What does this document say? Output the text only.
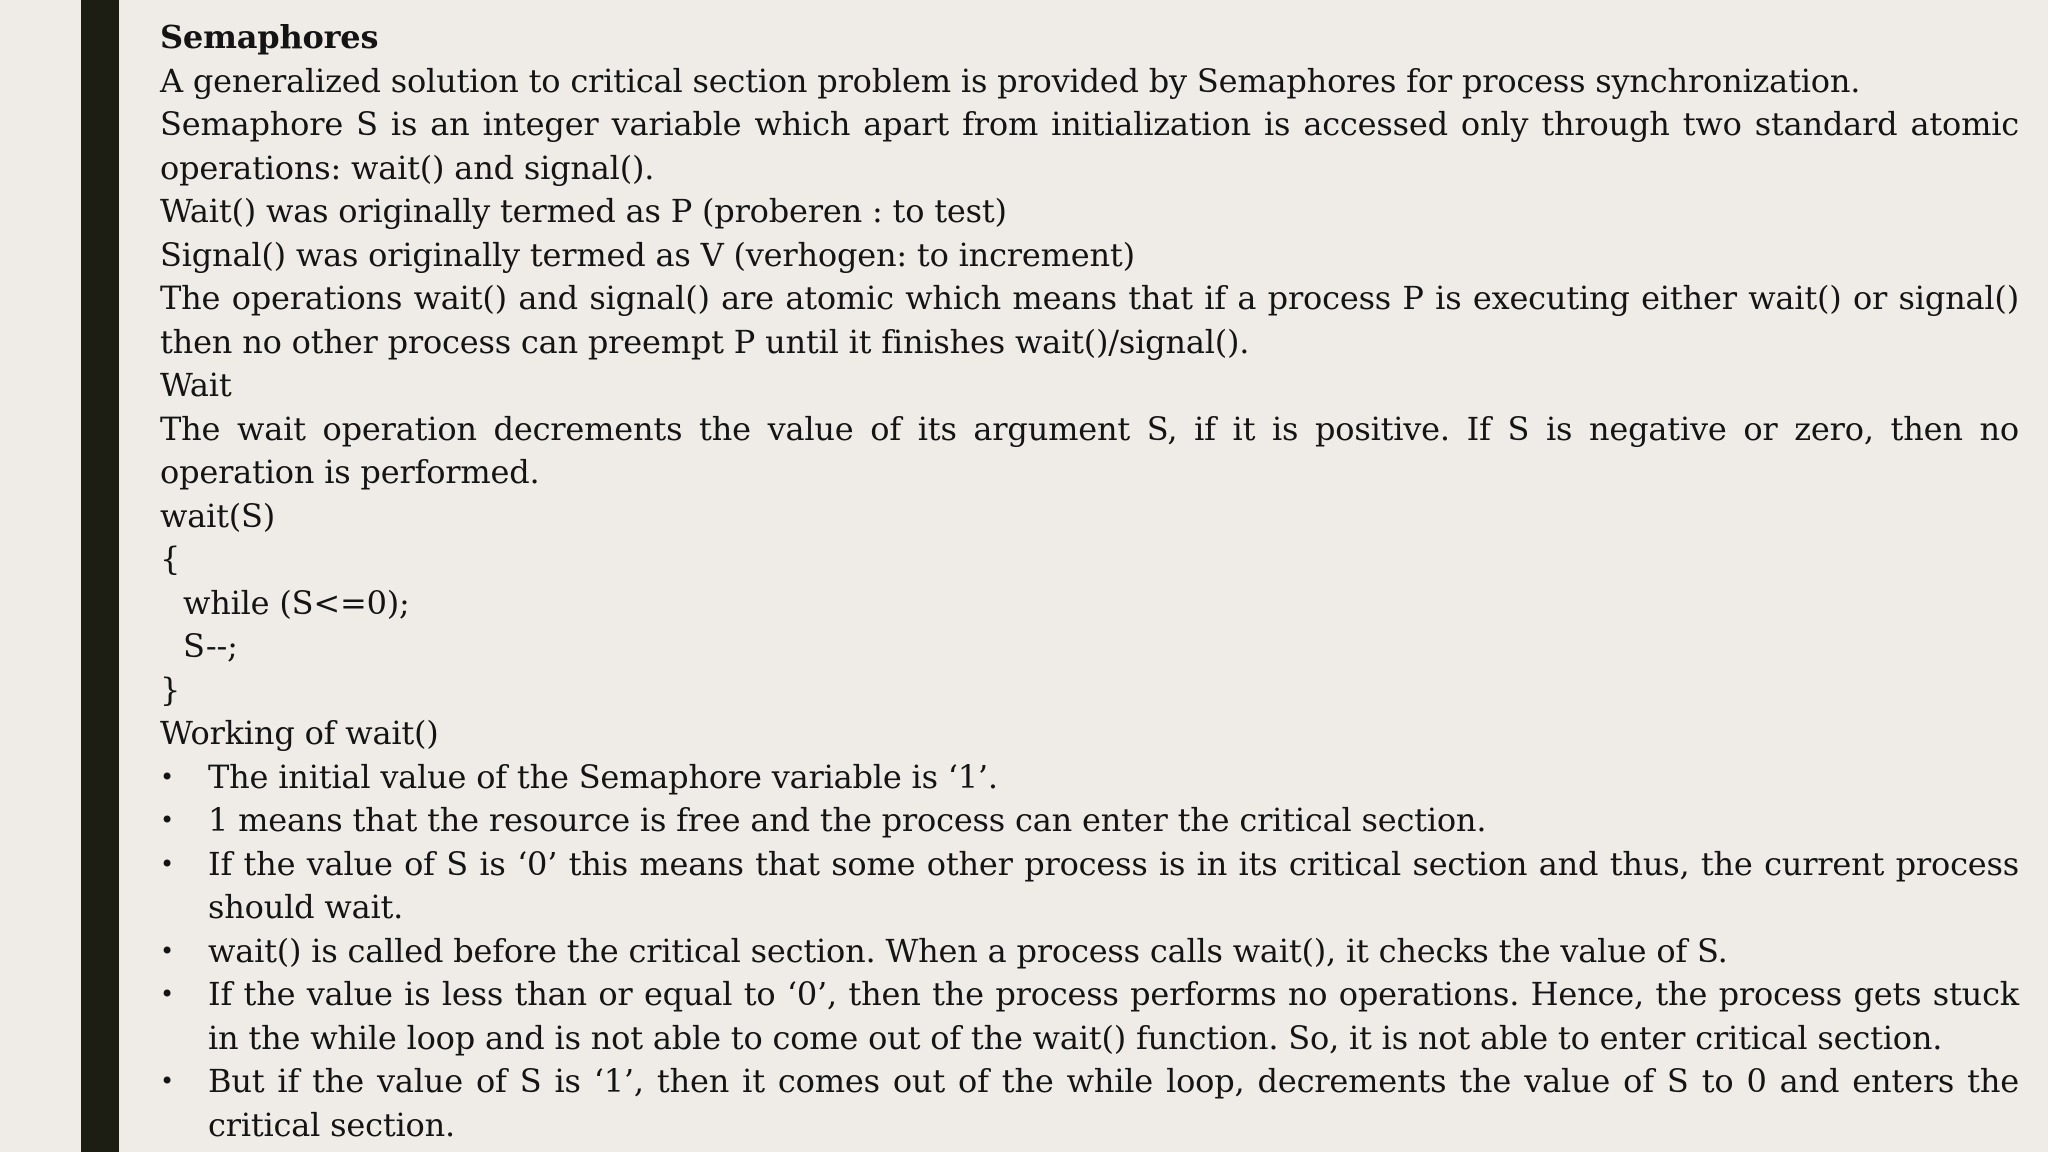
Semaphores

A generalized solution to critical section problem is provided by Semaphores for process synchronization.

Semaphore S is an integer variable which apart from initialization is accessed only through two standard atomic operations: wait() and signal().

Wait() was originally termed as P (proberen : to test)

Signal() was originally termed as V (verhogen: to increment)

The operations wait() and signal() are atomic which means that if a process P is executing either wait() or signal() then no other process can preempt P until it finishes wait()/signal().

Wait

The wait operation decrements the value of its argument S, if it is positive. If S is negative or zero, then no operation is performed.

wait(S)

{

while (S<=0);

S--;

}

Working of wait()

• The initial value of the Semaphore variable is ‘1’.
• 1 means that the resource is free and the process can enter the critical section.
• If the value of S is ‘0’ this means that some other process is in its critical section and thus, the current process should wait.
• wait() is called before the critical section. When a process calls wait(), it checks the value of S.
• If the value is less than or equal to ‘0’, then the process performs no operations. Hence, the process gets stuck in the while loop and is not able to come out of the wait() function. So, it is not able to enter critical section.
• But if the value of S is ‘1’, then it comes out of the while loop, decrements the value of S to 0 and enters the critical section.
